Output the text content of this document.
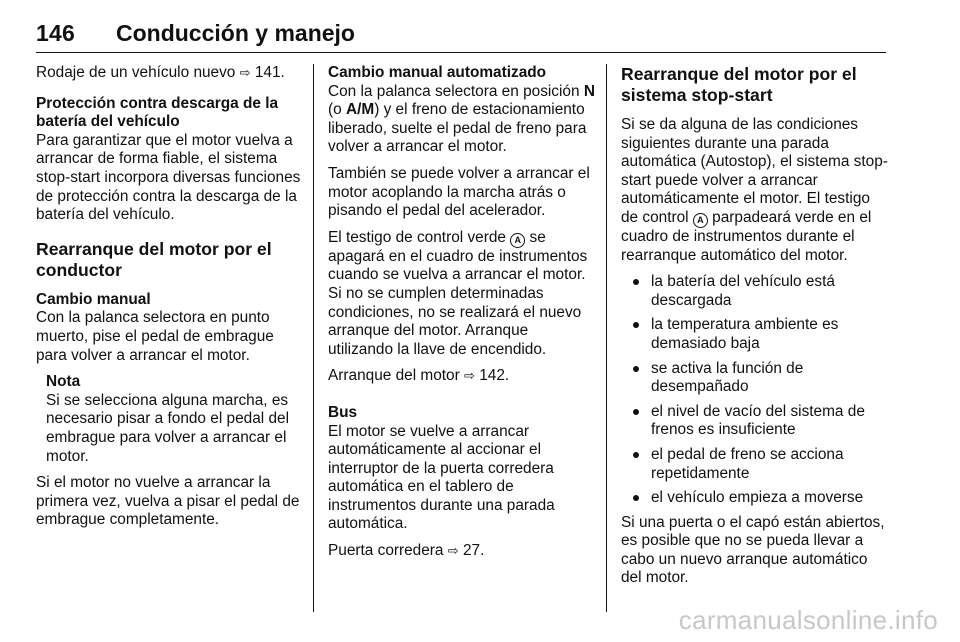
146 Conducción y manejo

Rodaje de un vehículo nuevo ⇨ 141.

Protección contra descarga de la batería del vehículo

Para garantizar que el motor vuelva a arrancar de forma fiable, el sistema stop-start incorpora diversas funciones de protección contra la descarga de la batería del vehículo.

Rearranque del motor por el conductor
Cambio manual

Con la palanca selectora en punto muerto, pise el pedal de embrague para volver a arrancar el motor.

Nota
Si se selecciona alguna marcha, es necesario pisar a fondo el pedal del embrague para volver a arrancar el motor.

Si el motor no vuelve a arrancar la primera vez, vuelva a pisar el pedal de embrague completamente.

Cambio manual automatizado

Con la palanca selectora en posición N (o A/M) y el freno de estacionamiento liberado, suelte el pedal de freno para volver a arrancar el motor.

También se puede volver a arrancar el motor acoplando la marcha atrás o pisando el pedal del acelerador.

El testigo de control verde A se apagará en el cuadro de instrumentos cuando se vuelva a arrancar el motor. Si no se cumplen determinadas condiciones, no se realizará el nuevo arranque del motor. Arranque utilizando la llave de encendido.

Arranque del motor ⇨ 142.

Bus

El motor se vuelve a arrancar automáticamente al accionar el interruptor de la puerta corredera automática en el tablero de instrumentos durante una parada automática.

Puerta corredera ⇨ 27.

Rearranque del motor por el sistema stop-start

Si se da alguna de las condiciones siguientes durante una parada automática (Autostop), el sistema stop-start puede volver a arrancar automáticamente el motor. El testigo de control A parpadeará verde en el cuadro de instrumentos durante el rearranque automático del motor.

la batería del vehículo está descargada
la temperatura ambiente es demasiado baja
se activa la función de desempañado
el nivel de vacío del sistema de frenos es insuficiente
el pedal de freno se acciona repetidamente
el vehículo empieza a moverse

Si una puerta o el capó están abiertos, es posible que no se pueda llevar a cabo un nuevo arranque automático del motor.

carmanualsonline.info
